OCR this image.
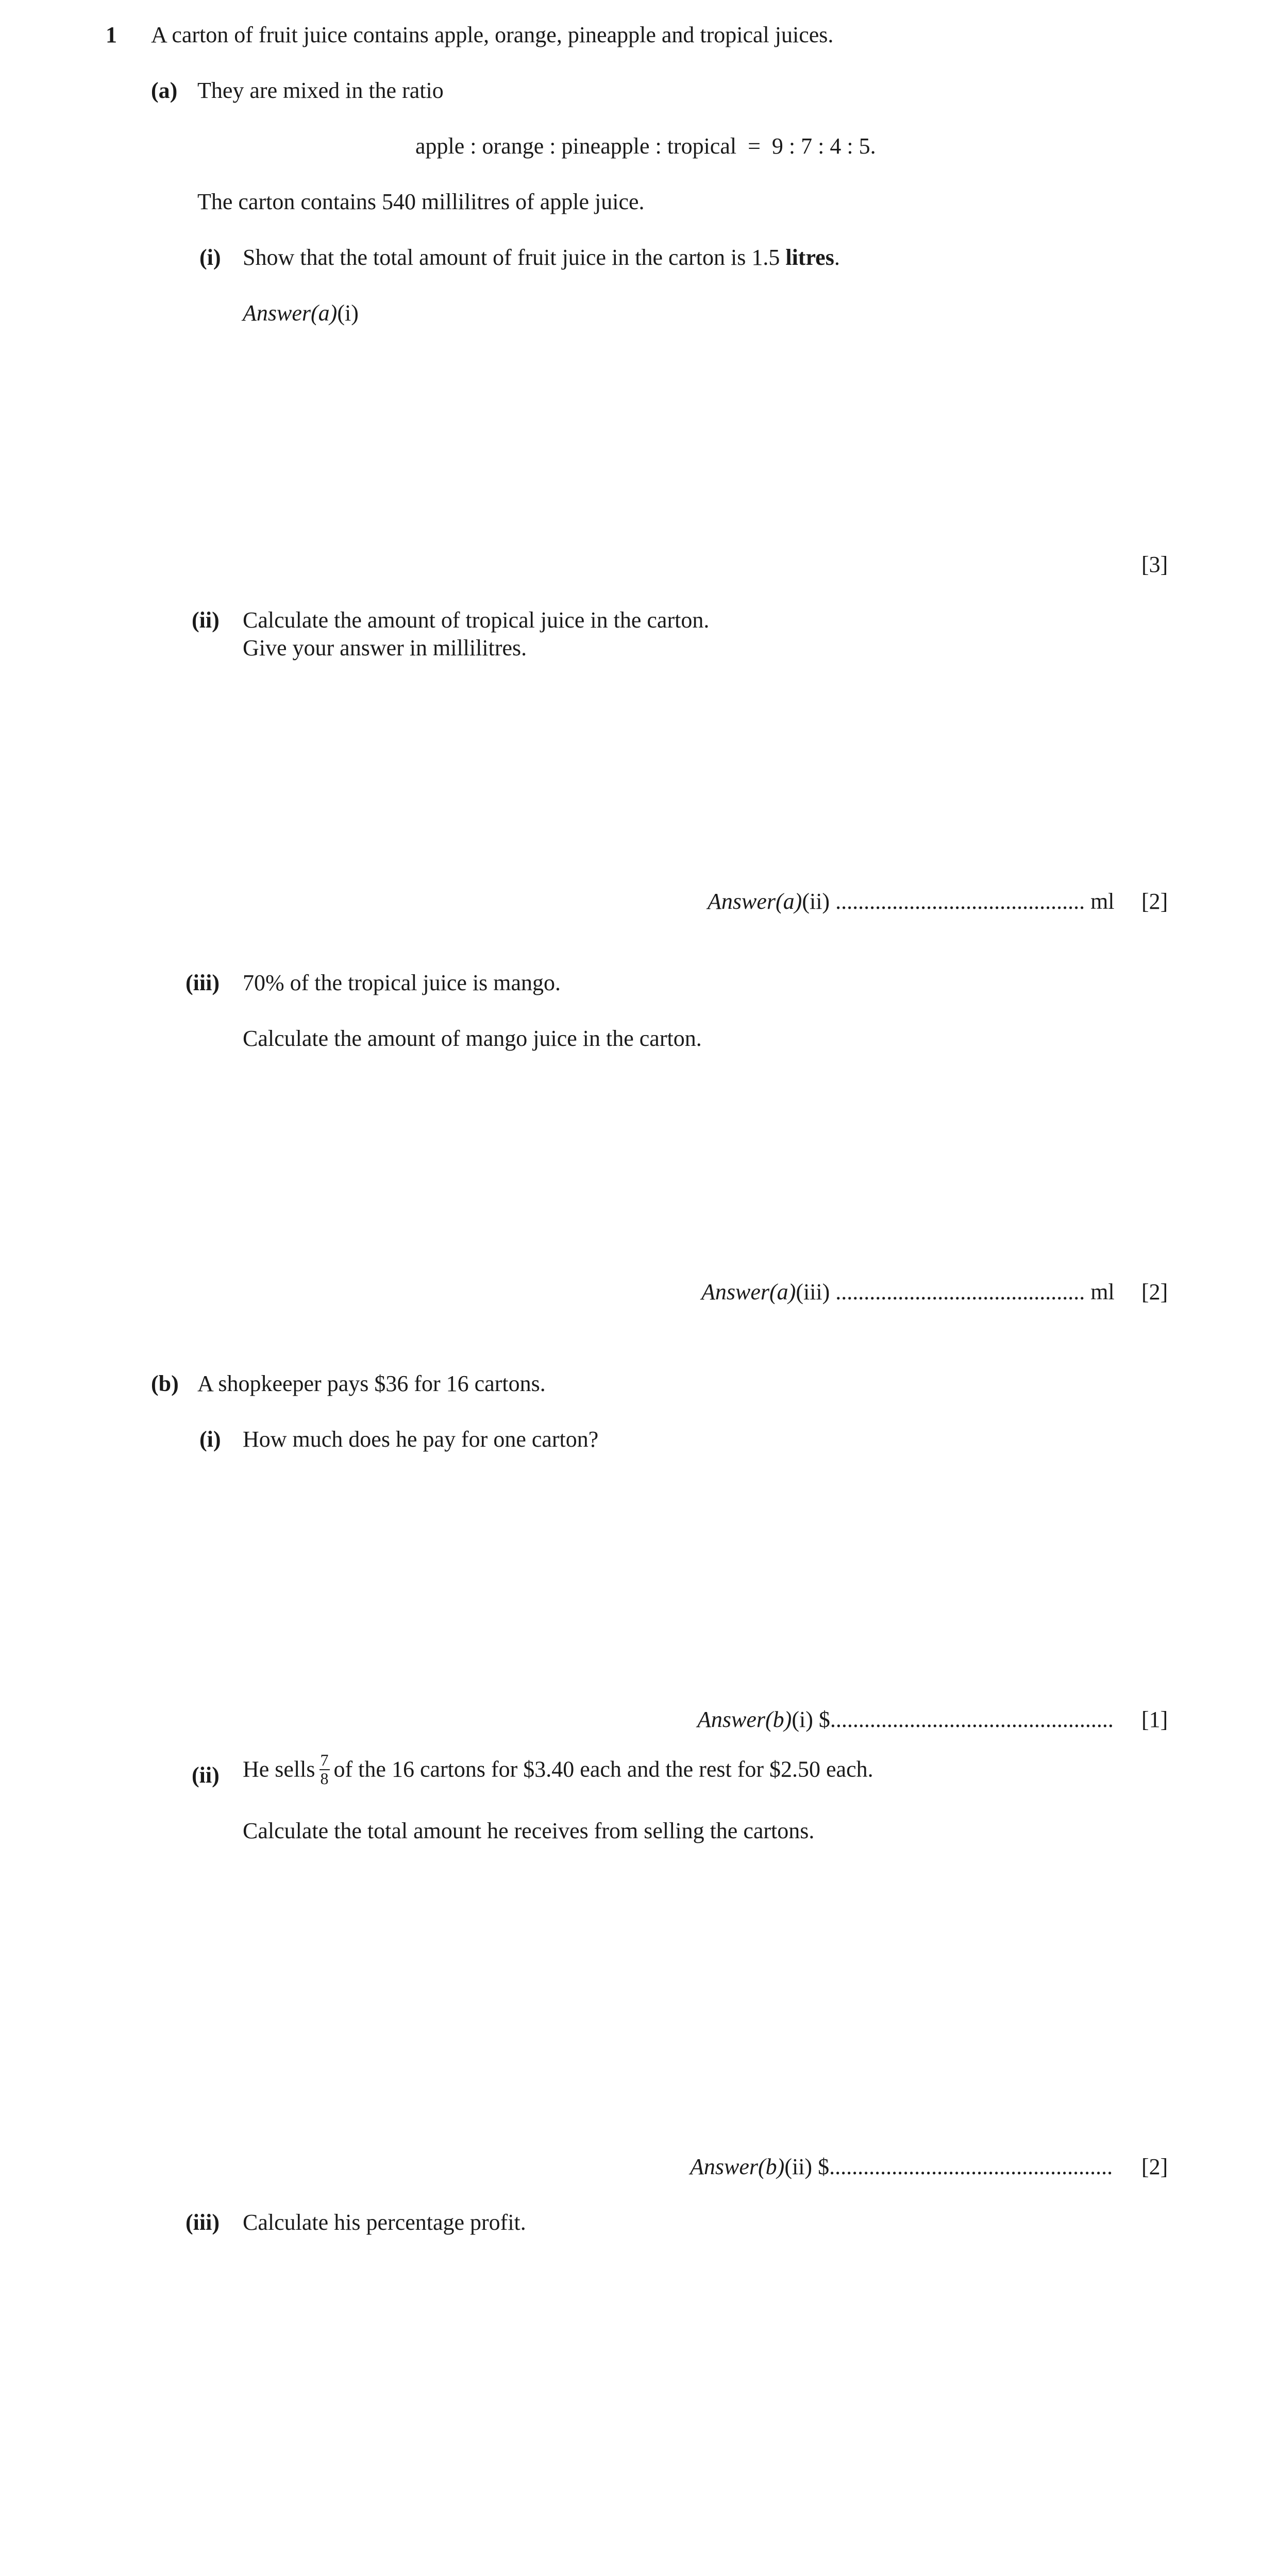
1 A carton of fruit juice contains apple, orange, pineapple and tropical juices.
(a) They are mixed in the ratio
apple : orange : pineapple : tropical  =  9 : 7 : 4 : 5.
The carton contains 540 millilitres of apple juice.
(i) Show that the total amount of fruit juice in the carton is 1.5 litres.
Answer(a)(i)
[3]
(ii) Calculate the amount of tropical juice in the carton.
Give your answer in millilitres.
Answer(a)(ii) ............................................ ml [2]
(iii) 70% of the tropical juice is mango.
Calculate the amount of mango juice in the carton.
Answer(a)(iii) ............................................ ml [2]
(b) A shopkeeper pays $36 for 16 cartons.
(i) How much does he pay for one carton?
Answer(b)(i) $.................................................. [1]
(ii) He sells $\frac{7}{8}$ of the 16 cartons for $3.40 each and the rest for $2.50 each.
Calculate the total amount he receives from selling the cartons.
Answer(b)(ii) $.................................................. [2]
(iii) Calculate his percentage profit.
